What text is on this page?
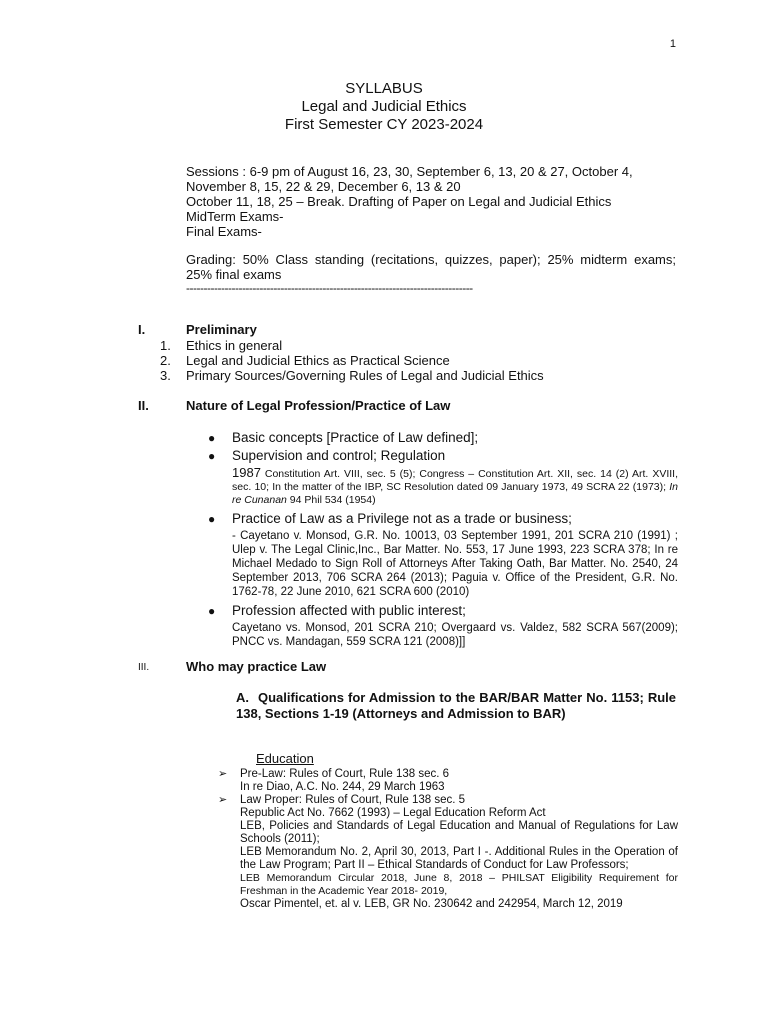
1
SYLLABUS
Legal and Judicial Ethics
First Semester CY 2023-2024
Sessions : 6-9 pm of August 16, 23, 30, September 6, 13, 20 & 27, October 4,
November 8, 15, 22 & 29, December 6, 13 & 20
October 11, 18, 25 – Break. Drafting of Paper on Legal and Judicial Ethics
MidTerm Exams-
Final Exams-
Grading: 50% Class standing (recitations, quizzes, paper); 25% midterm exams; 25% final exams
----------------------------------------------------------------------------------
I.	Preliminary
1.	Ethics in general
2.	Legal and Judicial Ethics as Practical Science
3.	Primary Sources/Governing Rules of Legal and Judicial Ethics
II.	Nature of Legal Profession/Practice of Law
●	Basic concepts [Practice of Law defined];
●	Supervision and control; Regulation
1987 Constitution Art. VIII, sec. 5 (5); Congress – Constitution Art. XII, sec. 14 (2) Art. XVIII, sec. 10; In the matter of the IBP, SC Resolution dated 09 January 1973, 49 SCRA 22 (1973); In re Cunanan 94 Phil 534 (1954)
●	Practice of Law as a Privilege not as a trade or business;
- Cayetano v. Monsod, G.R. No. 10013, 03 September 1991, 201 SCRA 210 (1991) ; Ulep v. The Legal Clinic,Inc., Bar Matter. No. 553, 17 June 1993, 223 SCRA 378; In re Michael Medado to Sign Roll of Attorneys After Taking Oath, Bar Matter. No. 2540, 24 September 2013, 706 SCRA 264 (2013); Paguia v. Office of the President, G.R. No. 1762-78, 22 June 2010, 621 SCRA 600 (2010)
●	Profession affected with public interest;
Cayetano vs. Monsod, 201 SCRA 210; Overgaard vs. Valdez, 582 SCRA 567(2009); PNCC vs. Mandagan, 559 SCRA 121 (2008)]]
III.	Who may practice Law
A. Qualifications for Admission to the BAR/BAR Matter No. 1153; Rule 138, Sections 1-19 (Attorneys and Admission to BAR)
Education
➢	Pre-Law: Rules of Court, Rule 138 sec. 6
In re Diao, A.C. No. 244, 29 March 1963
➢	Law Proper: Rules of Court, Rule 138 sec. 5
Republic Act No. 7662 (1993) – Legal Education Reform Act
LEB, Policies and Standards of Legal Education and Manual of Regulations for Law Schools (2011);
LEB Memorandum No. 2, April 30, 2013, Part I -. Additional Rules in the Operation of the Law Program; Part II – Ethical Standards of Conduct for Law Professors;
LEB Memorandum Circular 2018, June 8, 2018 – PHILSAT Eligibility Requirement for Freshman in the Academic Year 2018- 2019,
Oscar Pimentel, et. al v. LEB, GR No. 230642 and 242954, March 12, 2019
